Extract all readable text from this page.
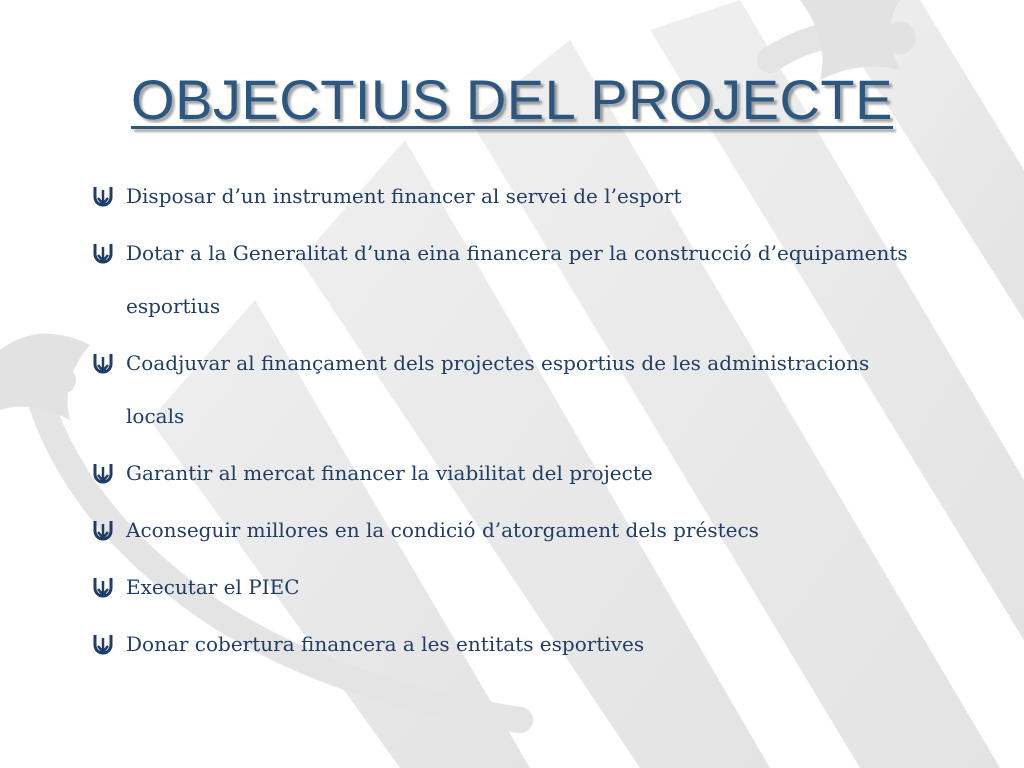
OBJECTIUS DEL PROJECTE
Disposar d’un instrument financer al servei de l’esport
Dotar a la Generalitat d’una eina financera per la construcció d’equipaments esportius
Coadjuvar al finançament dels projectes esportius de les administracions locals
Garantir al mercat financer la viabilitat del projecte
Aconseguir millores en la condició d’atorgament dels préstecs
Executar el PIEC
Donar cobertura financera a les entitats esportives
